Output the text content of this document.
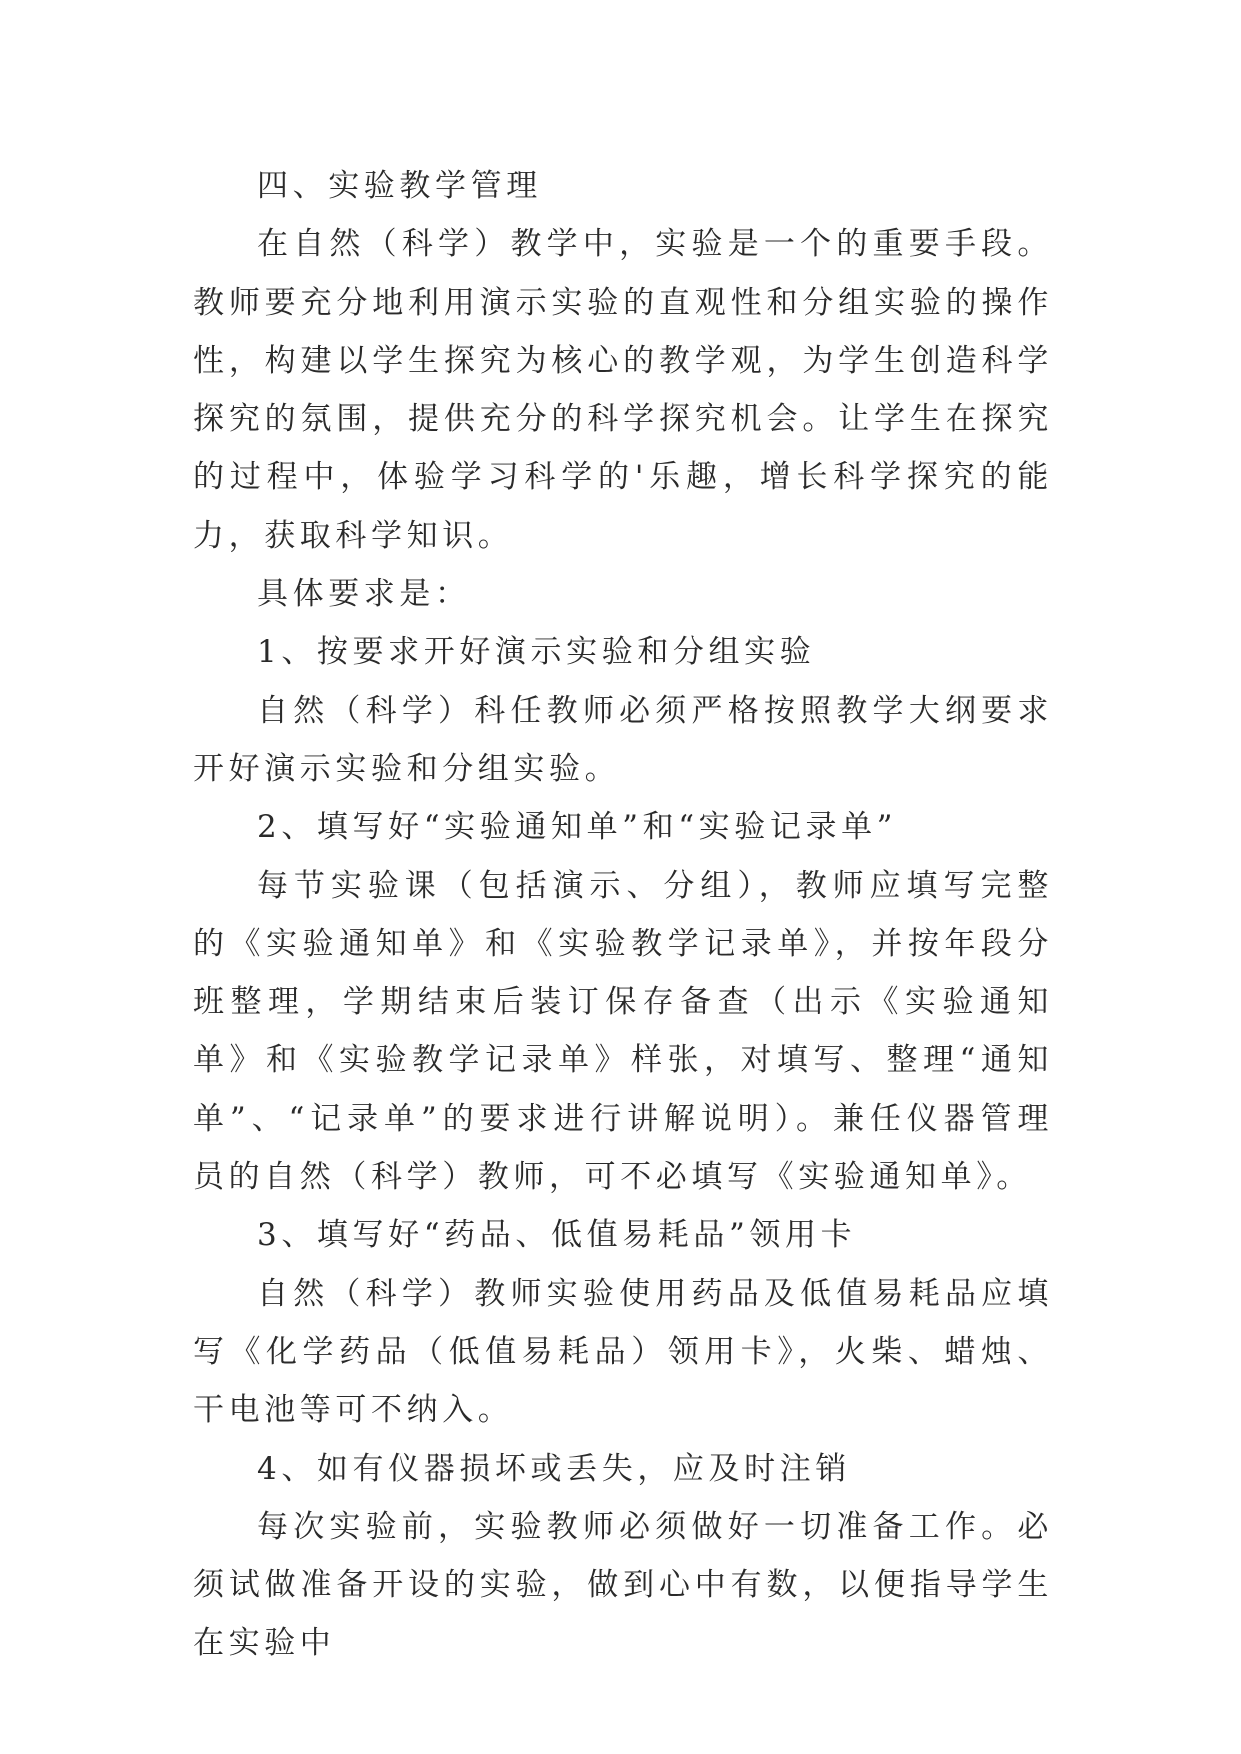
四、实验教学管理

在自然（科学）教学中，实验是一个的重要手段。教师要充分地利用演示实验的直观性和分组实验的操作性，构建以学生探究为核心的教学观，为学生创造科学探究的氛围，提供充分的科学探究机会。让学生在探究的过程中，体验学习科学的'乐趣，增长科学探究的能力，获取科学知识。

具体要求是：

1、按要求开好演示实验和分组实验

自然（科学）科任教师必须严格按照教学大纲要求开好演示实验和分组实验。

2、填写好“实验通知单”和“实验记录单”

每节实验课（包括演示、分组），教师应填写完整的《实验通知单》和《实验教学记录单》，并按年段分班整理，学期结束后装订保存备查（出示《实验通知单》和《实验教学记录单》样张，对填写、整理“通知单”、“记录单”的要求进行讲解说明）。兼任仪器管理员的自然（科学）教师，可不必填写《实验通知单》。

3、填写好“药品、低值易耗品”领用卡

自然（科学）教师实验使用药品及低值易耗品应填写《化学药品（低值易耗品）领用卡》，火柴、蜡烛、干电池等可不纳入。

4、如有仪器损坏或丢失，应及时注销

每次实验前，实验教师必须做好一切准备工作。必须试做准备开设的实验，做到心中有数，以便指导学生在实验中
